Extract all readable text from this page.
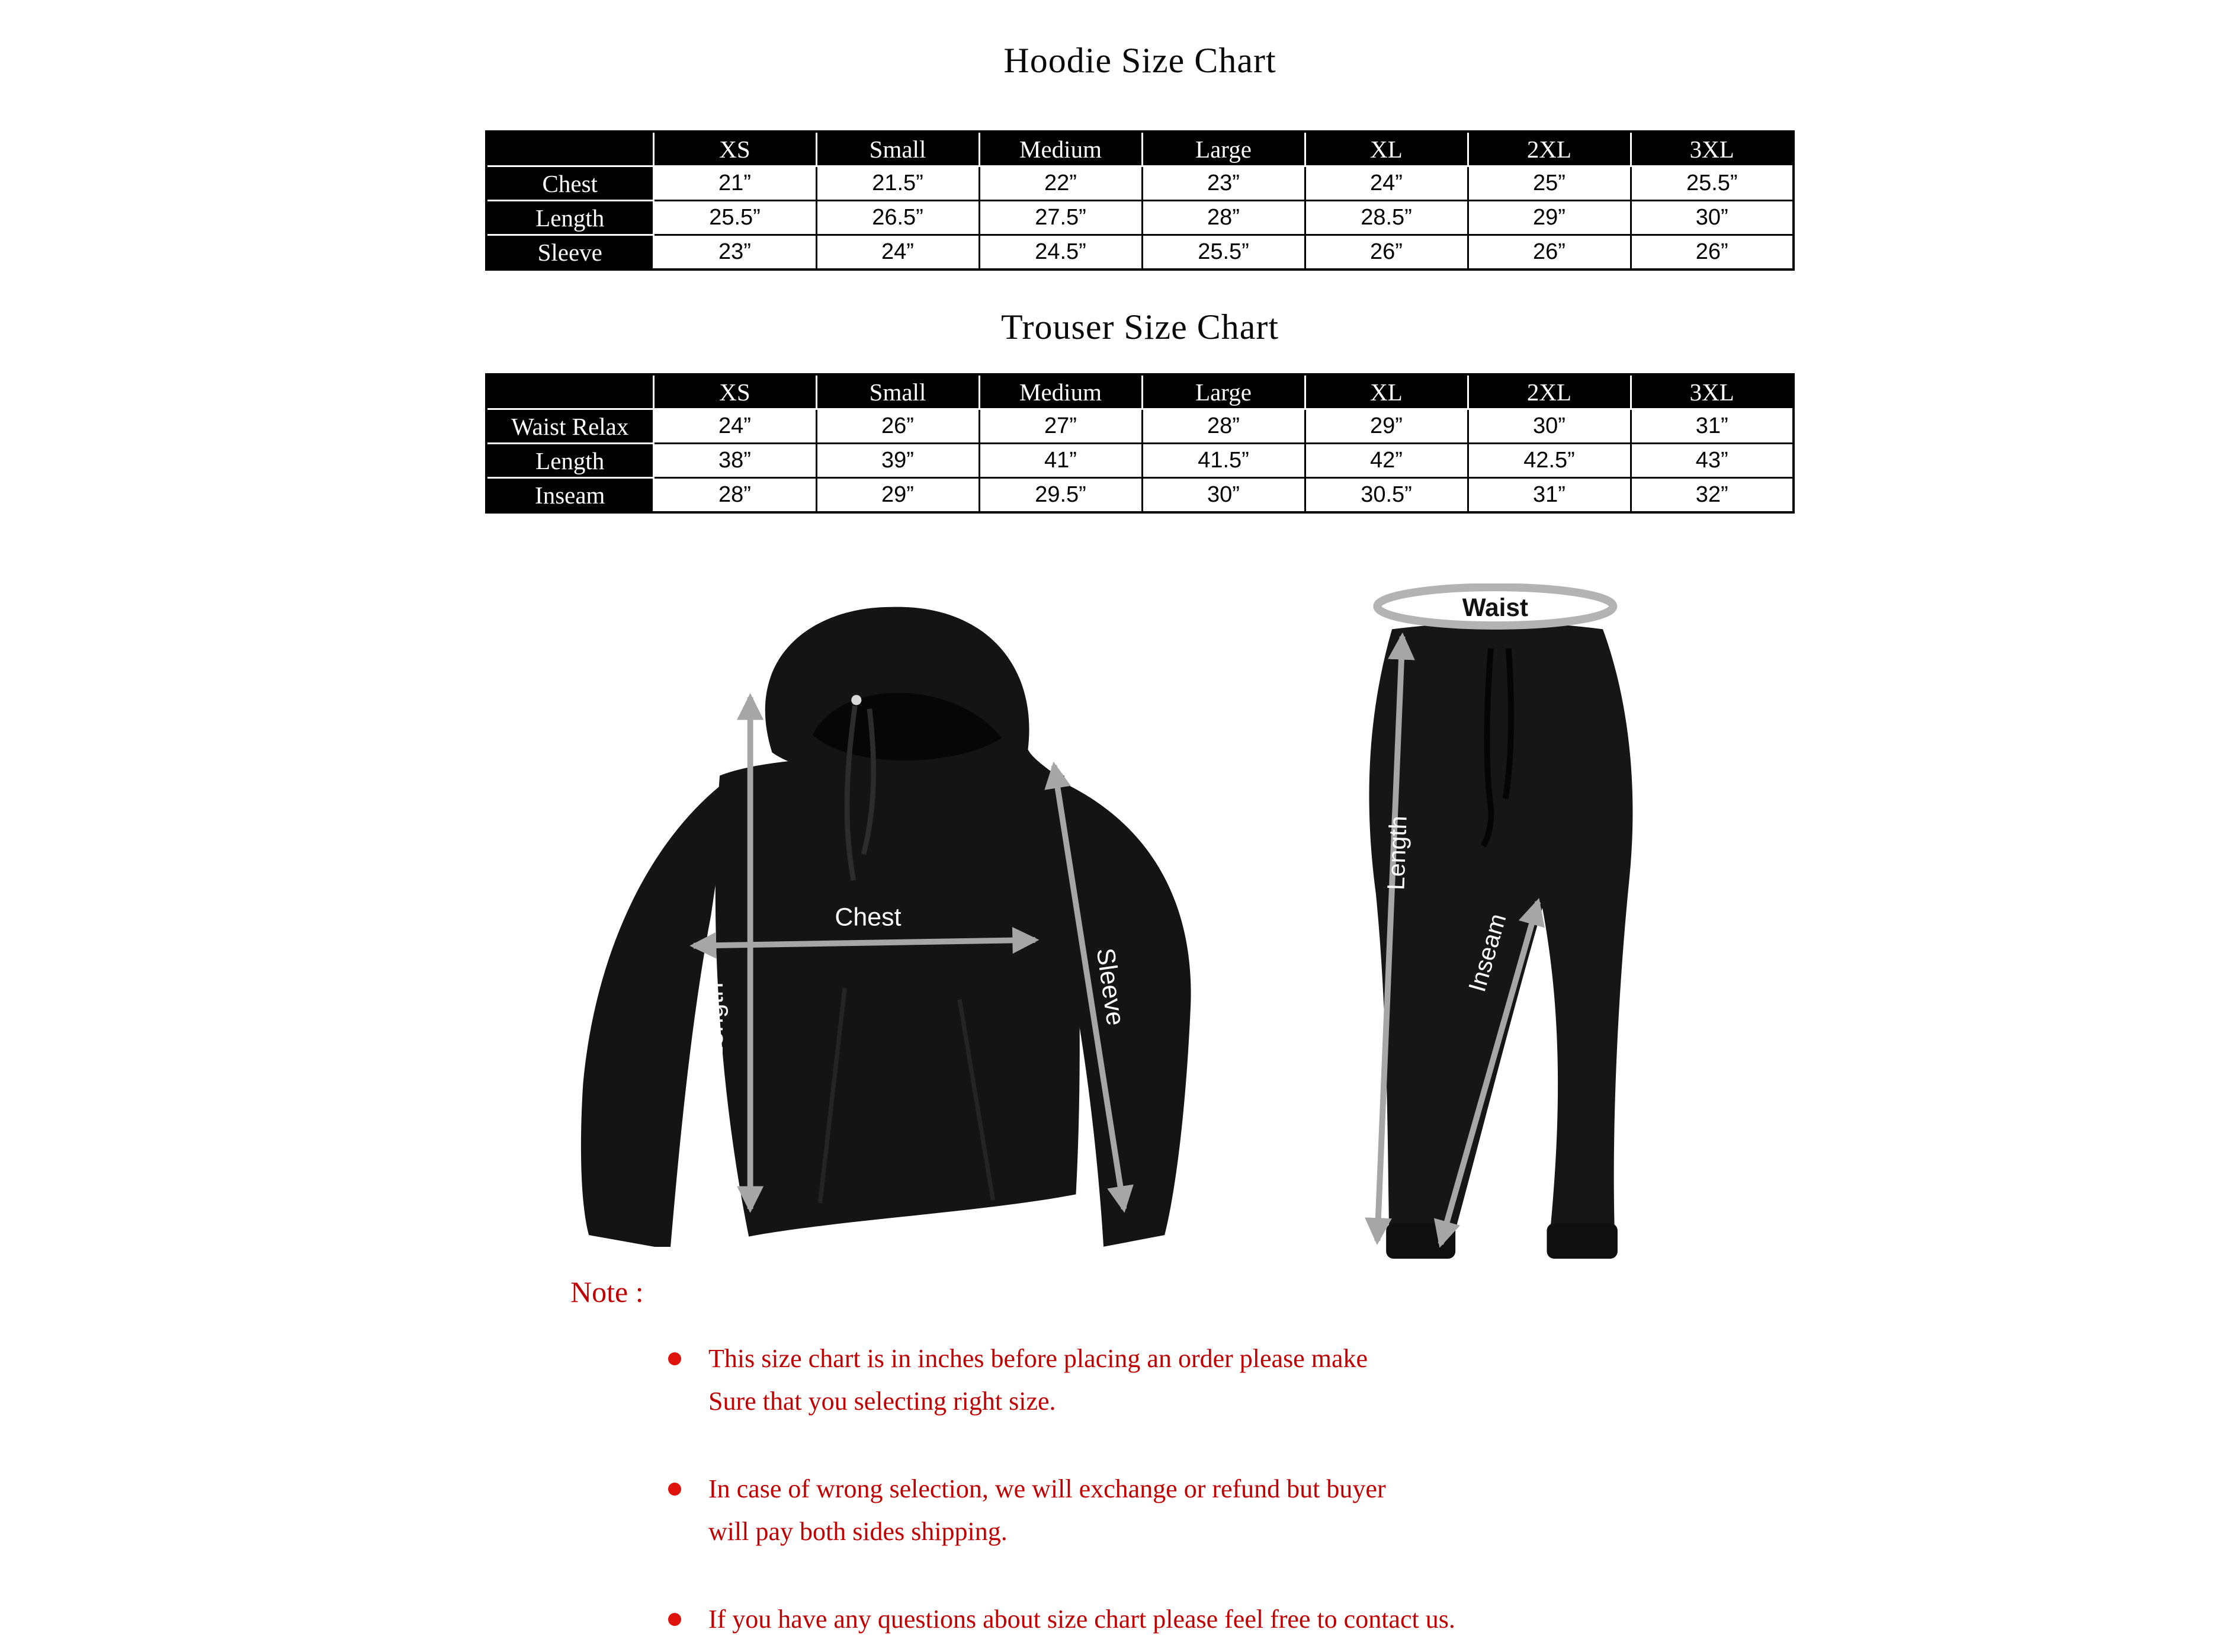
Hoodie Size Chart
	XS	Small	Medium	Large	XL	2XL	3XL
Chest	21”	21.5”	22”	23”	24”	25”	25.5”
Length	25.5”	26.5”	27.5”	28”	28.5”	29”	30”
Sleeve	23”	24”	24.5”	25.5”	26”	26”	26”
Trouser Size Chart
	XS	Small	Medium	Large	XL	2XL	3XL
Waist Relax	24”	26”	27”	28”	29”	30”	31”
Length	38”	39”	41”	41.5”	42”	42.5”	43”
Inseam	28”	29”	29.5”	30”	30.5”	31”	32”
Chest
Length	Sleeve
Waist
Length
Inseam
Note :
This size chart is in inches before placing an order please make
Sure that you selecting right size.
In case of wrong selection, we will exchange or refund but buyer
will pay both sides shipping.
If you have any questions about size chart please feel free to contact us.
